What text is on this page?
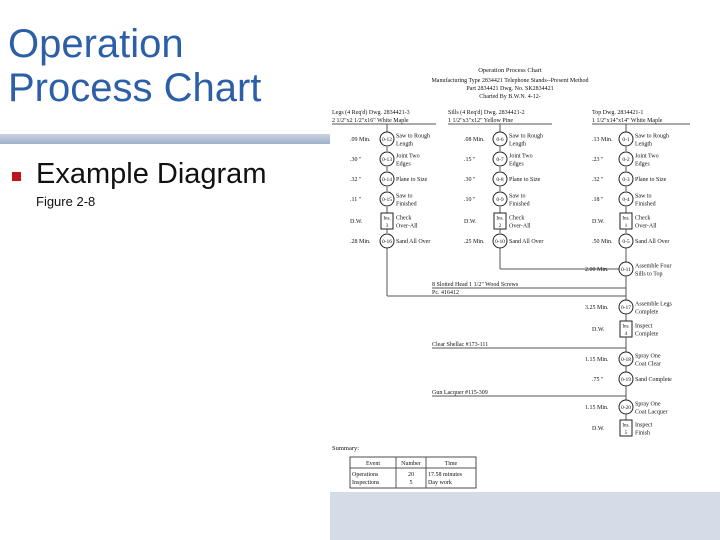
Operation Process Chart
Example Diagram
Figure 2-8
Operation Process Chart
Manufacturing Type 2834421 Telephone Stands--Present Method
Part 2834421 Dwg. No. SK2834421
Charted By B.W.N. 4-12-
Legs (4 Req'd) Dwg. 2834421-3
2 1/2"x2 1/2"x16" White Maple
.09 Min. 0-12
Saw to Rough
Length
.30 "	0-13
Joint Two
Edges
.32 "	0-14 Plane to Size
.11 "	0-15
Saw to
Finished
D.W.	Ins.
3
Check
Over-All
.28 Min. 0-16 Sand All Over
Sills (4 Req'd) Dwg. 2834421-2
1 1/2"x3"x12" Yellow Pine
.08 Min. 0-6
Saw to Rough
Length
.15 "	0-7
Joint Two
Edges
.30 "	0-8 Plane to Size
.10 "	0-9
Saw to
Finished
D.W.	Ins.
2
Check
Over-All
.25 Min. 0-10 Sand All Over
Top Dwg. 2834421-1
1 1/2"x14"x14" White Maple
.13 Min. 0-1
Saw to Rough
Length
.23 "	0-2
Joint Two
Edges
.32 "	0-3 Plane to Size
.18 "	0-4
Saw to
Finished
D.W.	Ins.
1
Check
Over-All
.50 Min. 0-5 Sand All Over
2.00 Min. 0-11
Assemble Four
Sills to Top
8 Slotted Head 1 1/2" Wood Screws
Pc. 416412
3.25 Min. 0-17
Assemble Legs
Complete
D.W.	Ins.
4
Inspect
Complete
Clear Shellac #173-111
1.15 Min. 0-18
Spray One
Coat Clear
.75 "	0-19 Sand Complete
Gun Lacquer #115-309
1.15 Min. 0-20
Spray One
Coat Lacquer
D.W.	Ins.
5
Inspect
Finish
Summary:
Event	Number	Time
Operations	20 17.58 minutes
Inspections	5	Day work
